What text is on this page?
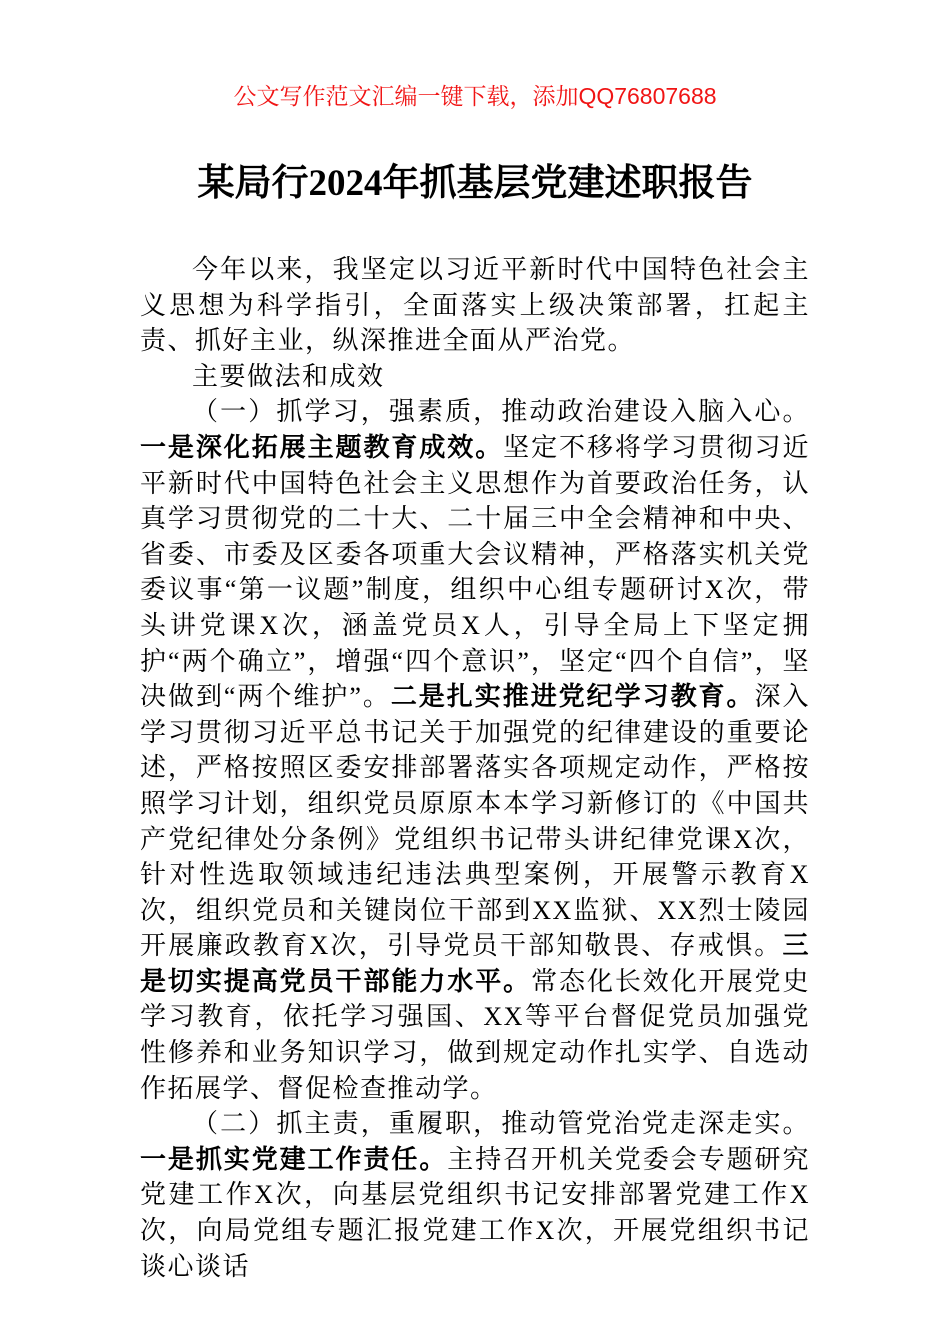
公文写作范文汇编一键下载，添加QQ76807688
某局行2024年抓基层党建述职报告

今年以来，我坚定以习近平新时代中国特色社会主义思想为科学指引，全面落实上级决策部署，扛起主责、抓好主业，纵深推进全面从严治党。

主要做法和成效

（一）抓学习，强素质，推动政治建设入脑入心。一是深化拓展主题教育成效。坚定不移将学习贯彻习近平新时代中国特色社会主义思想作为首要政治任务，认真学习贯彻党的二十大、二十届三中全会精神和中央、省委、市委及区委各项重大会议精神，严格落实机关党委议事“第一议题”制度，组织中心组专题研讨X次，带头讲党课X次，涵盖党员X人，引导全局上下坚定拥护“两个确立”，增强“四个意识”，坚定“四个自信”，坚决做到“两个维护”。二是扎实推进党纪学习教育。深入学习贯彻习近平总书记关于加强党的纪律建设的重要论述，严格按照区委安排部署落实各项规定动作，严格按照学习计划，组织党员原原本本学习新修订的《中国共产党纪律处分条例》党组织书记带头讲纪律党课X次，针对性选取领域违纪违法典型案例，开展警示教育X次，组织党员和关键岗位干部到XX监狱、XX烈士陵园开展廉政教育X次，引导党员干部知敬畏、存戒惧。三是切实提高党员干部能力水平。常态化长效化开展党史学习教育，依托学习强国、XX等平台督促党员加强党性修养和业务知识学习，做到规定动作扎实学、自选动作拓展学、督促检查推动学。

（二）抓主责，重履职，推动管党治党走深走实。一是抓实党建工作责任。主持召开机关党委会专题研究党建工作X次，向基层党组织书记安排部署党建工作X次，向局党组专题汇报党建工作X次，开展党组织书记谈心谈话
